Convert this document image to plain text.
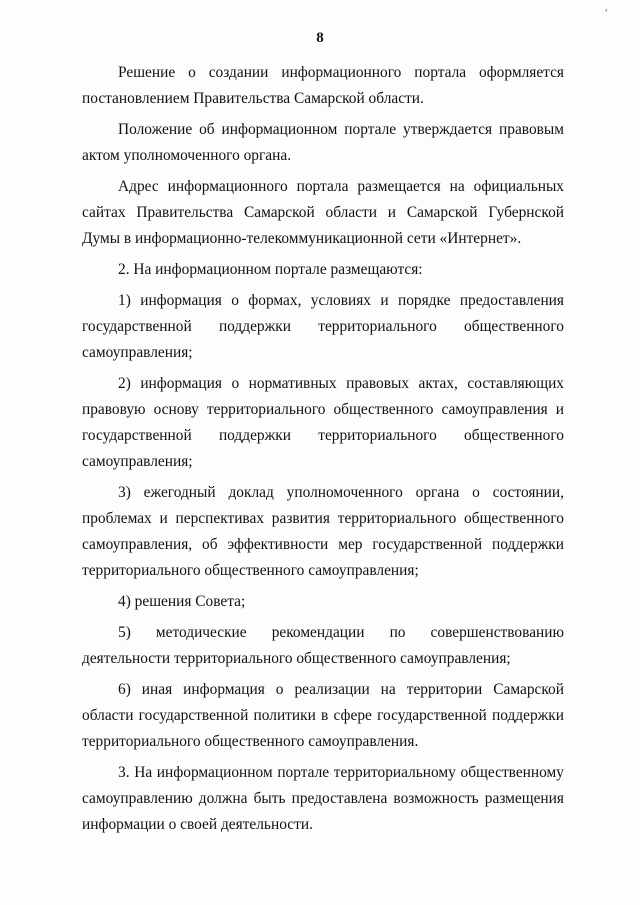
‘
8

Решение о создании информационного портала оформляется постановлением Правительства Самарской области.

Положение об информационном портале утверждается правовым актом уполномоченного органа.

Адрес информационного портала размещается на официальных сайтах Правительства Самарской области и Самарской Губернской Думы в информационно-телекоммуникационной сети «Интернет».

2. На информационном портале размещаются:

1) информация о формах, условиях и порядке предоставления государственной поддержки территориального общественного самоуправления;

2) информация о нормативных правовых актах, составляющих правовую основу территориального общественного самоуправления и государственной поддержки территориального общественного самоуправления;

3) ежегодный доклад уполномоченного органа о состоянии, проблемах и перспективах развития территориального общественного самоуправления, об эффективности мер государственной поддержки территориального общественного самоуправления;

4) решения Совета;

5) методические рекомендации по совершенствованию деятельности территориального общественного самоуправления;

6) иная информация о реализации на территории Самарской области государственной политики в сфере государственной поддержки территориального общественного самоуправления.

3. На информационном портале территориальному общественному самоуправлению должна быть предоставлена возможность размещения информации о своей деятельности.
